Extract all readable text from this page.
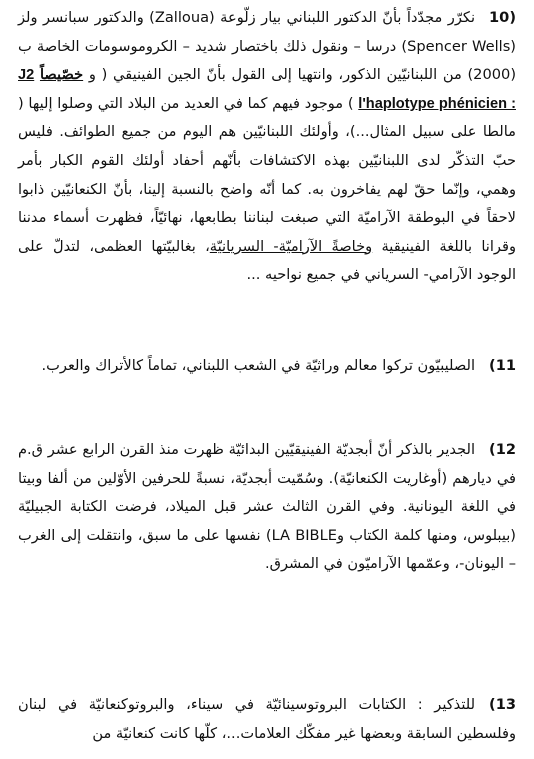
(10نكرّر مجدّداً بأنّ الدكتور اللبناني بيار زلّوعة (Zalloua) والدكتور سبانسر ولز (Spencer Wells) درسا – ونقول ذلك باختصار شديد – الكروموسومات الخاصة ب (2000) من اللبنانيّين الذكور، وانتهيا إلى القول بأنّ الجين الفينيقي ( و خصّيصاً J2 l'haplotype phénicien : ) موجود فيهم كما في العديد من البلاد التي وصلوا إليها ( مالطا على سبيل المثال...)، وأولئك اللبنانيّين هم اليوم من جميع الطوائف. فليس حبّ التذكّر لدى اللبنانيّين بهذه الاكتشافات بأنّهم أحفاد أولئك القوم الكبار بأمر وهمي، وإنّما حقّ لهم يفاخرون به. كما أنّه واضح بالنسبة إلينا، بأنّ الكنعانيّين ذابوا لاحقاً في البوطقة الآراميّة التي صبغت لبناننا بطابعها، نهائيّاً، فظهرت أسماء مدننا وقرانا باللغة الفينيقية وخاصةً الآراميّة- السريانيّة، بغالبيّتها العظمى، لتدلّ على الوجود الآرامي- السرياني في جميع نواحيه ...

11)الصليبيّون تركوا معالم وراثيّة في الشعب اللبناني، تماماً كالأتراك والعرب.

12)الجدير بالذكر أنّ أبجديّة الفينيقيّين البدائيّة ظهرت منذ القرن الرابع عشر ق.م في ديارهم (أوغاريت الكنعانيّة). وسُمّيت أبجديّة، نسبةً للحرفين الأوّلين من ألفا وبيتا في اللغة اليونانية. وفي القرن الثالث عشر قبل الميلاد، فرضت الكتابة الجبيليّة (بيبلوس، ومنها كلمة الكتاب وLA BIBLE) نفسها على ما سبق، وانتقلت إلى الغرب – اليونان-، وعمّمها الآراميّون في المشرق.

13)للتذكير : الكتابات البروتوسينائيّة في سيناء، والبروتوكنعانيّة في لبنان وفلسطين السابقة وبعضها غير مفكّك العلامات...، كلّها كانت كنعانيّة من
